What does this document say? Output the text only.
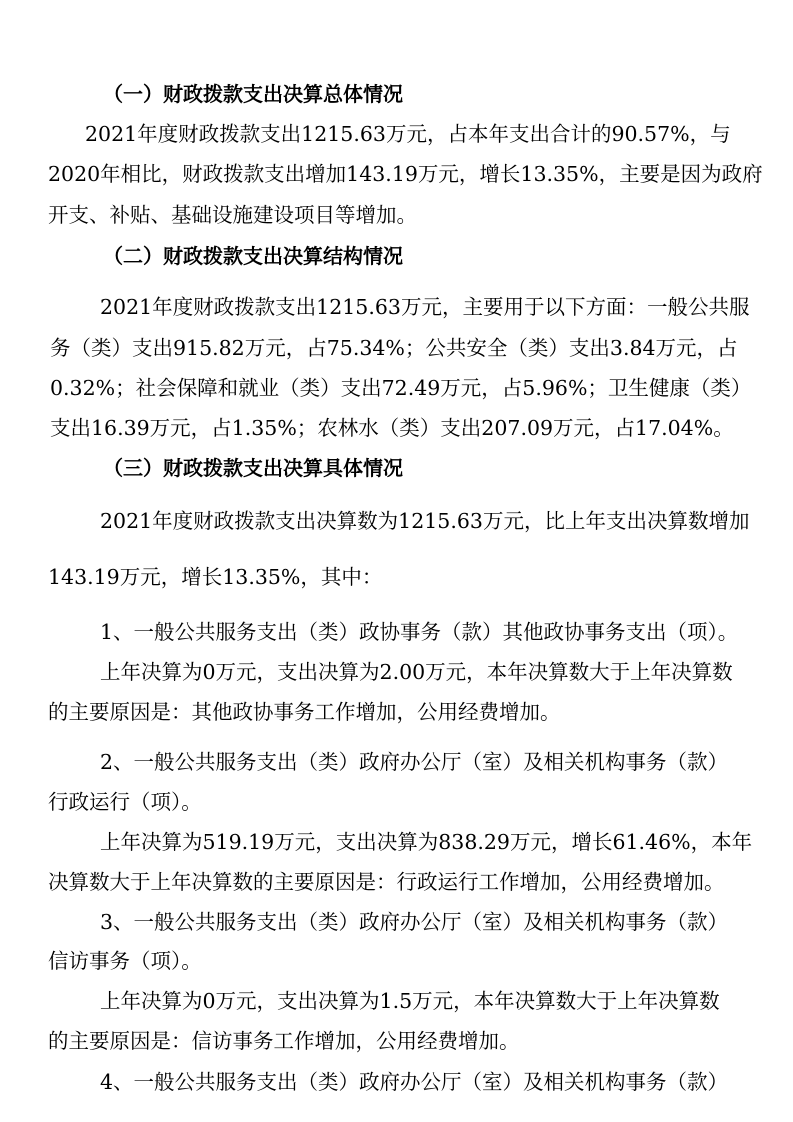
（一）财政拨款支出决算总体情况
2021年度财政拨款支出1215.63万元，占本年支出合计的90.57%，与
2020年相比，财政拨款支出增加143.19万元，增长13.35%，主要是因为政府
开支、补贴、基础设施建设项目等增加。
（二）财政拨款支出决算结构情况
2021年度财政拨款支出1215.63万元，主要用于以下方面：一般公共服
务（类）支出915.82万元，占75.34%；公共安全（类）支出3.84万元，占
0.32%；社会保障和就业（类）支出72.49万元，占5.96%；卫生健康（类）
支出16.39万元，占1.35%；农林水（类）支出207.09万元，占17.04%。
（三）财政拨款支出决算具体情况
2021年度财政拨款支出决算数为1215.63万元，比上年支出决算数增加
143.19万元，增长13.35%，其中：
1、一般公共服务支出（类）政协事务（款）其他政协事务支出（项）。
上年决算为0万元，支出决算为2.00万元，本年决算数大于上年决算数
的主要原因是：其他政协事务工作增加，公用经费增加。
2、一般公共服务支出（类）政府办公厅（室）及相关机构事务（款）
行政运行（项）。
上年决算为519.19万元，支出决算为838.29万元，增长61.46%，本年
决算数大于上年决算数的主要原因是：行政运行工作增加，公用经费增加。
3、一般公共服务支出（类）政府办公厅（室）及相关机构事务（款）
信访事务（项）。
上年决算为0万元，支出决算为1.5万元，本年决算数大于上年决算数
的主要原因是：信访事务工作增加，公用经费增加。
4、一般公共服务支出（类）政府办公厅（室）及相关机构事务（款）
